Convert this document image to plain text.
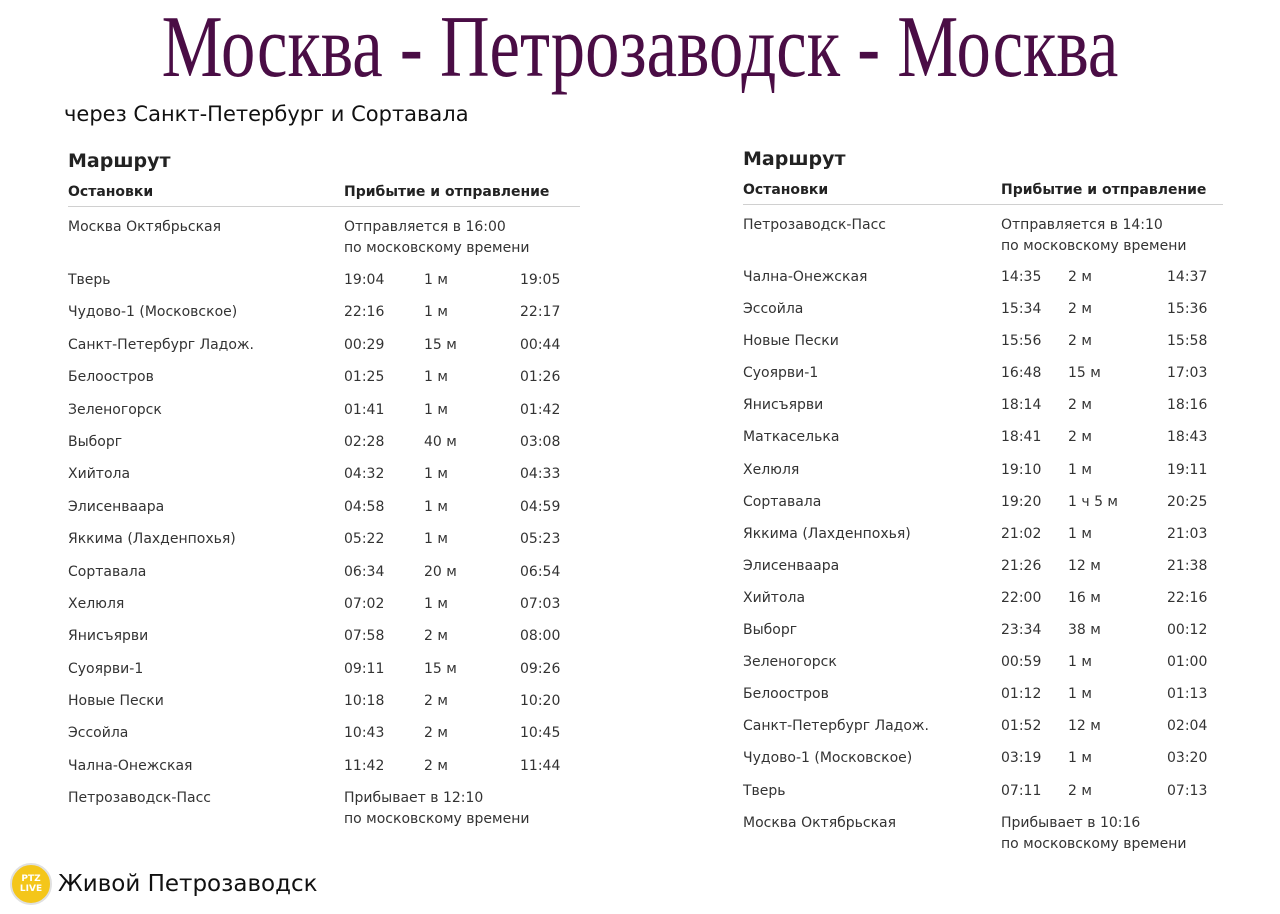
Москва - Петрозаводск - Москва
через Санкт-Петербург и Сортавала
Маршрут
Остановки	Прибытие и отправление
Москва Октябрьская	Отправляется в 16:00
по московскому времени
Тверь	19:04	1 м	19:05
Чудово-1 (Московское)	22:16	1 м	22:17
Санкт-Петербург Ладож.	00:29	15 м	00:44
Белоостров	01:25	1 м	01:26
Зеленогорск	01:41	1 м	01:42
Выборг	02:28	40 м	03:08
Хийтола	04:32	1 м	04:33
Элисенваара	04:58	1 м	04:59
Яккима (Лахденпохья)	05:22	1 м	05:23
Сортавала	06:34	20 м	06:54
Хелюля	07:02	1 м	07:03
Янисъярви	07:58	2 м	08:00
Суоярви-1	09:11	15 м	09:26
Новые Пески	10:18	2 м	10:20
Эссойла	10:43	2 м	10:45
Чална-Онежская	11:42	2 м	11:44
Петрозаводск-Пасс	Прибывает в 12:10
по московскому времени
Маршрут
Остановки	Прибытие и отправление
Петрозаводск-Пасс	Отправляется в 14:10
по московскому времени
Чална-Онежская	14:35 2 м	14:37
Эссойла	15:34 2 м	15:36
Новые Пески	15:56 2 м	15:58
Суоярви-1	16:48 15 м	17:03
Янисъярви	18:14 2 м	18:16
Маткаселька	18:41 2 м	18:43
Хелюля	19:10 1 м	19:11
Сортавала	19:20 1 ч 5 м	20:25
Яккима (Лахденпохья)	21:02 1 м	21:03
Элисенваара	21:26 12 м	21:38
Хийтола	22:00 16 м	22:16
Выборг	23:34 38 м	00:12
Зеленогорск	00:59 1 м	01:00
Белоостров	01:12 1 м	01:13
Санкт-Петербург Ладож.	01:52 12 м	02:04
Чудово-1 (Московское)	03:19 1 м	03:20
Тверь	07:11 2 м	07:13
Москва Октябрьская	Прибывает в 10:16
по московскому времени
PTZ
LIVE Живой Петрозаводск
